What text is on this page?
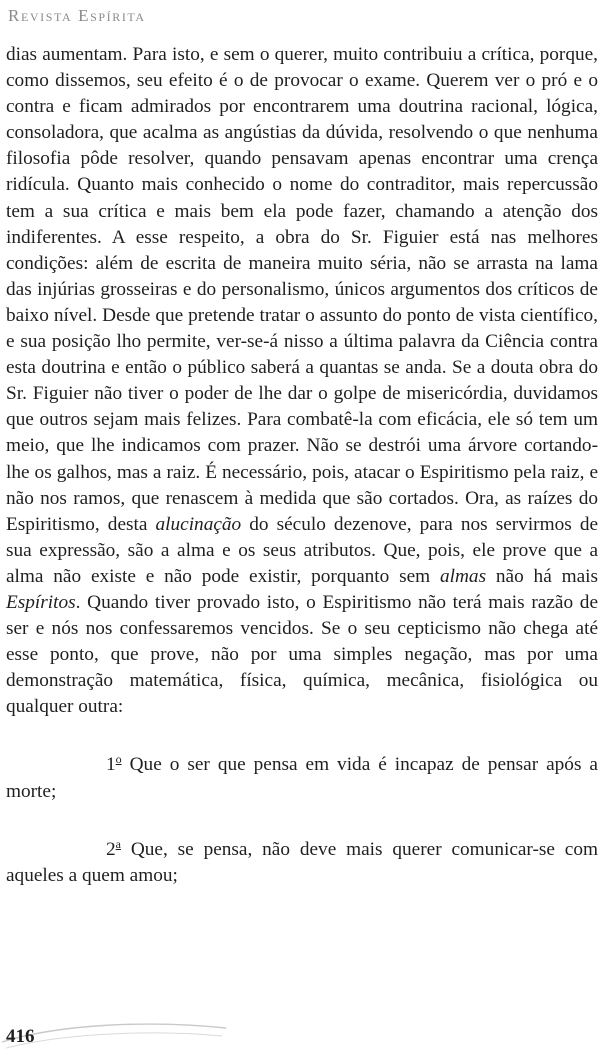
Revista Espírita

dias aumentam. Para isto, e sem o querer, muito contribuiu a crítica, porque, como dissemos, seu efeito é o de provocar o exame. Querem ver o pró e o contra e ficam admirados por encontrarem uma doutrina racional, lógica, consoladora, que acalma as angústias da dúvida, resolvendo o que nenhuma filosofia pôde resolver, quando pensavam apenas encontrar uma crença ridícula. Quanto mais conhecido o nome do contraditor, mais repercussão tem a sua crítica e mais bem ela pode fazer, chamando a atenção dos indiferentes. A esse respeito, a obra do Sr. Figuier está nas melhores condições: além de escrita de maneira muito séria, não se arrasta na lama das injúrias grosseiras e do personalismo, únicos argumentos dos críticos de baixo nível. Desde que pretende tratar o assunto do ponto de vista científico, e sua posição lho permite, ver-se-á nisso a última palavra da Ciência contra esta doutrina e então o público saberá a quantas se anda. Se a douta obra do Sr. Figuier não tiver o poder de lhe dar o golpe de misericórdia, duvidamos que outros sejam mais felizes. Para combatê-la com eficácia, ele só tem um meio, que lhe indicamos com prazer. Não se destrói uma árvore cortando-lhe os galhos, mas a raiz. É necessário, pois, atacar o Espiritismo pela raiz, e não nos ramos, que renascem à medida que são cortados. Ora, as raízes do Espiritismo, desta alucinação do século dezenove, para nos servirmos de sua expressão, são a alma e os seus atributos. Que, pois, ele prove que a alma não existe e não pode existir, porquanto sem almas não há mais Espíritos. Quando tiver provado isto, o Espiritismo não terá mais razão de ser e nós nos confessaremos vencidos. Se o seu cepticismo não chega até esse ponto, que prove, não por uma simples negação, mas por uma demonstração matemática, física, química, mecânica, fisiológica ou qualquer outra:

1$^o$ Que o ser que pensa em vida é incapaz de pensar após a morte;

2$^a$ Que, se pensa, não deve mais querer comunicar-se com aqueles a quem amou;

416
